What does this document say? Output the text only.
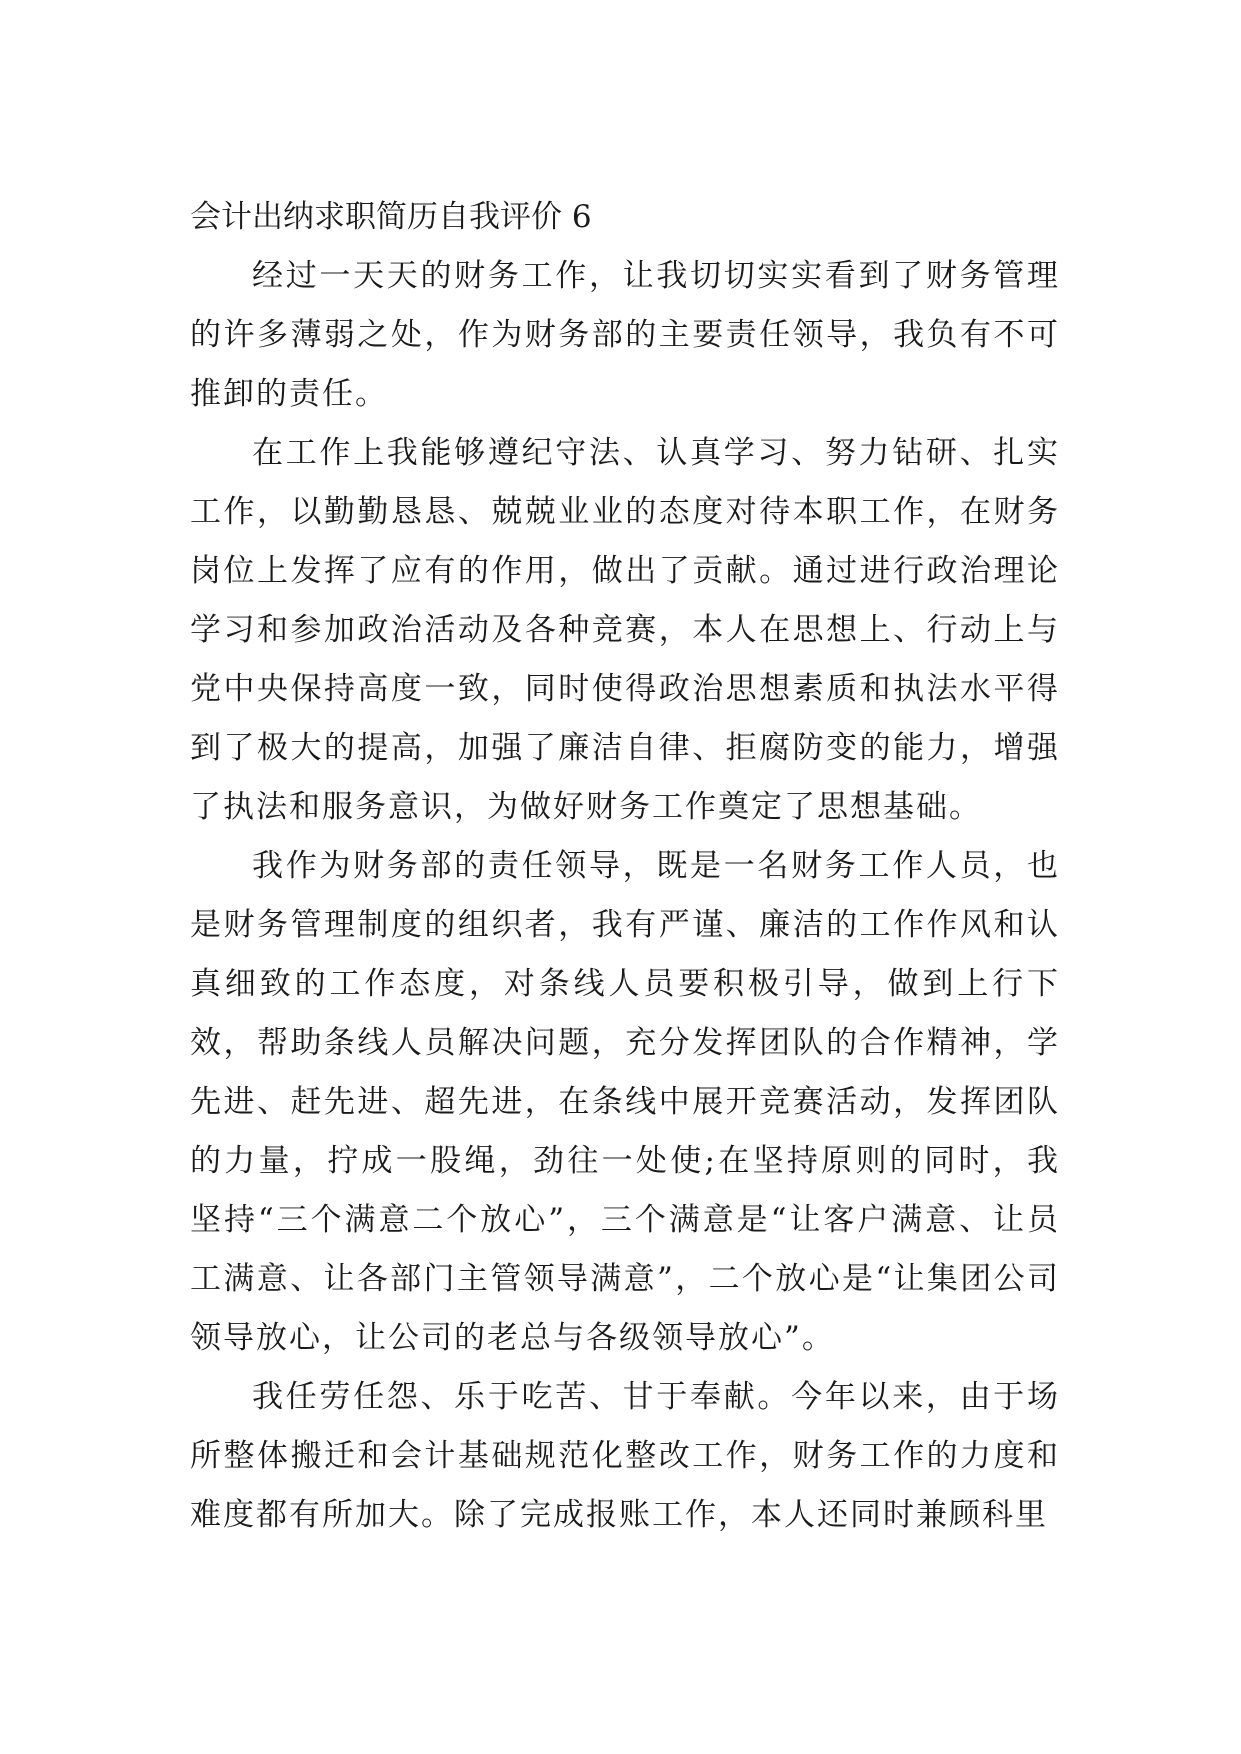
会计出纳求职简历自我评价 6

经过一天天的财务工作，让我切切实实看到了财务管理的许多薄弱之处，作为财务部的主要责任领导，我负有不可推卸的责任。

在工作上我能够遵纪守法、认真学习、努力钻研、扎实工作，以勤勤恳恳、兢兢业业的态度对待本职工作，在财务岗位上发挥了应有的作用，做出了贡献。通过进行政治理论学习和参加政治活动及各种竞赛，本人在思想上、行动上与党中央保持高度一致，同时使得政治思想素质和执法水平得到了极大的提高，加强了廉洁自律、拒腐防变的能力，增强了执法和服务意识，为做好财务工作奠定了思想基础。

我作为财务部的责任领导，既是一名财务工作人员，也是财务管理制度的组织者，我有严谨、廉洁的工作作风和认真细致的工作态度，对条线人员要积极引导，做到上行下效，帮助条线人员解决问题，充分发挥团队的合作精神，学先进、赶先进、超先进，在条线中展开竞赛活动，发挥团队的力量，拧成一股绳，劲往一处使;在坚持原则的同时，我坚持“三个满意二个放心”，三个满意是“让客户满意、让员工满意、让各部门主管领导满意”，二个放心是“让集团公司领导放心，让公司的老总与各级领导放心”。

我任劳任怨、乐于吃苦、甘于奉献。今年以来，由于场所整体搬迁和会计基础规范化整改工作，财务工作的力度和难度都有所加大。除了完成报账工作，本人还同时兼顾科里
